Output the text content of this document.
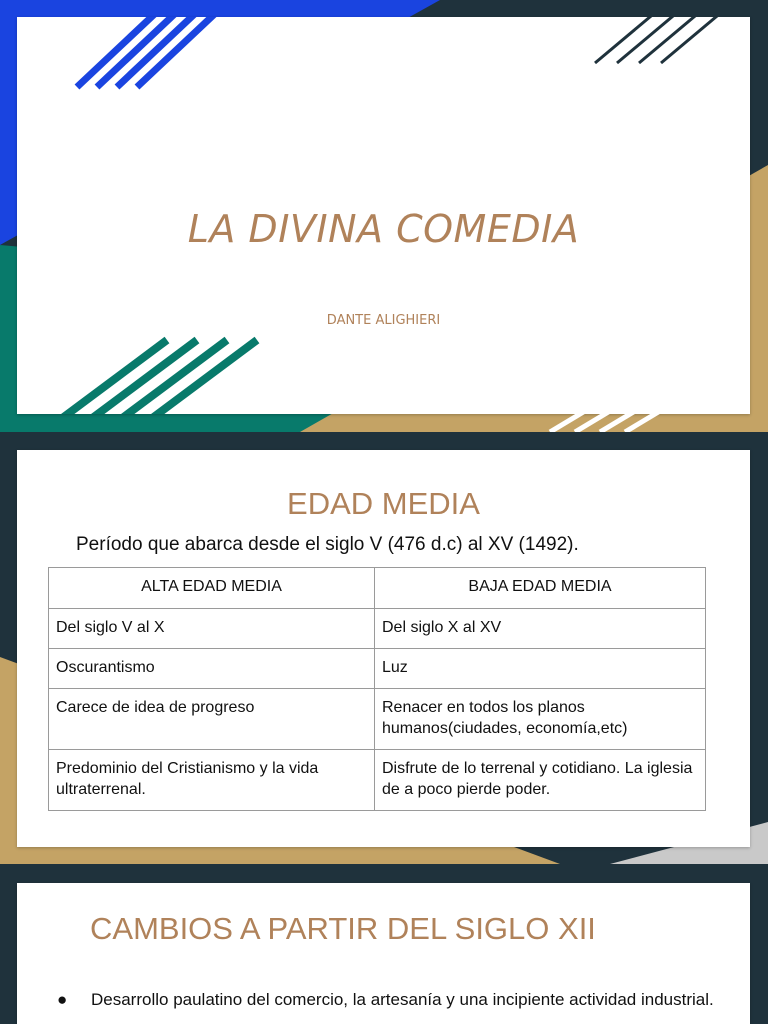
LA DIVINA COMEDIA
DANTE ALIGHIERI
EDAD MEDIA
Período que abarca desde el siglo V (476 d.c) al XV (1492).
ALTA EDAD MEDIA	BAJA EDAD MEDIA
Del siglo V al X	Del siglo X al XV
Oscurantismo	Luz
Carece de idea de progreso	Renacer en todos los planos humanos(ciudades, economía,etc)
Predominio del Cristianismo y la vida ultraterrenal.	Disfrute de lo terrenal y cotidiano. La iglesia de a poco pierde poder.
CAMBIOS A PARTIR DEL SIGLO XII
● Desarrollo paulatino del comercio, la artesanía y una incipiente actividad industrial.
